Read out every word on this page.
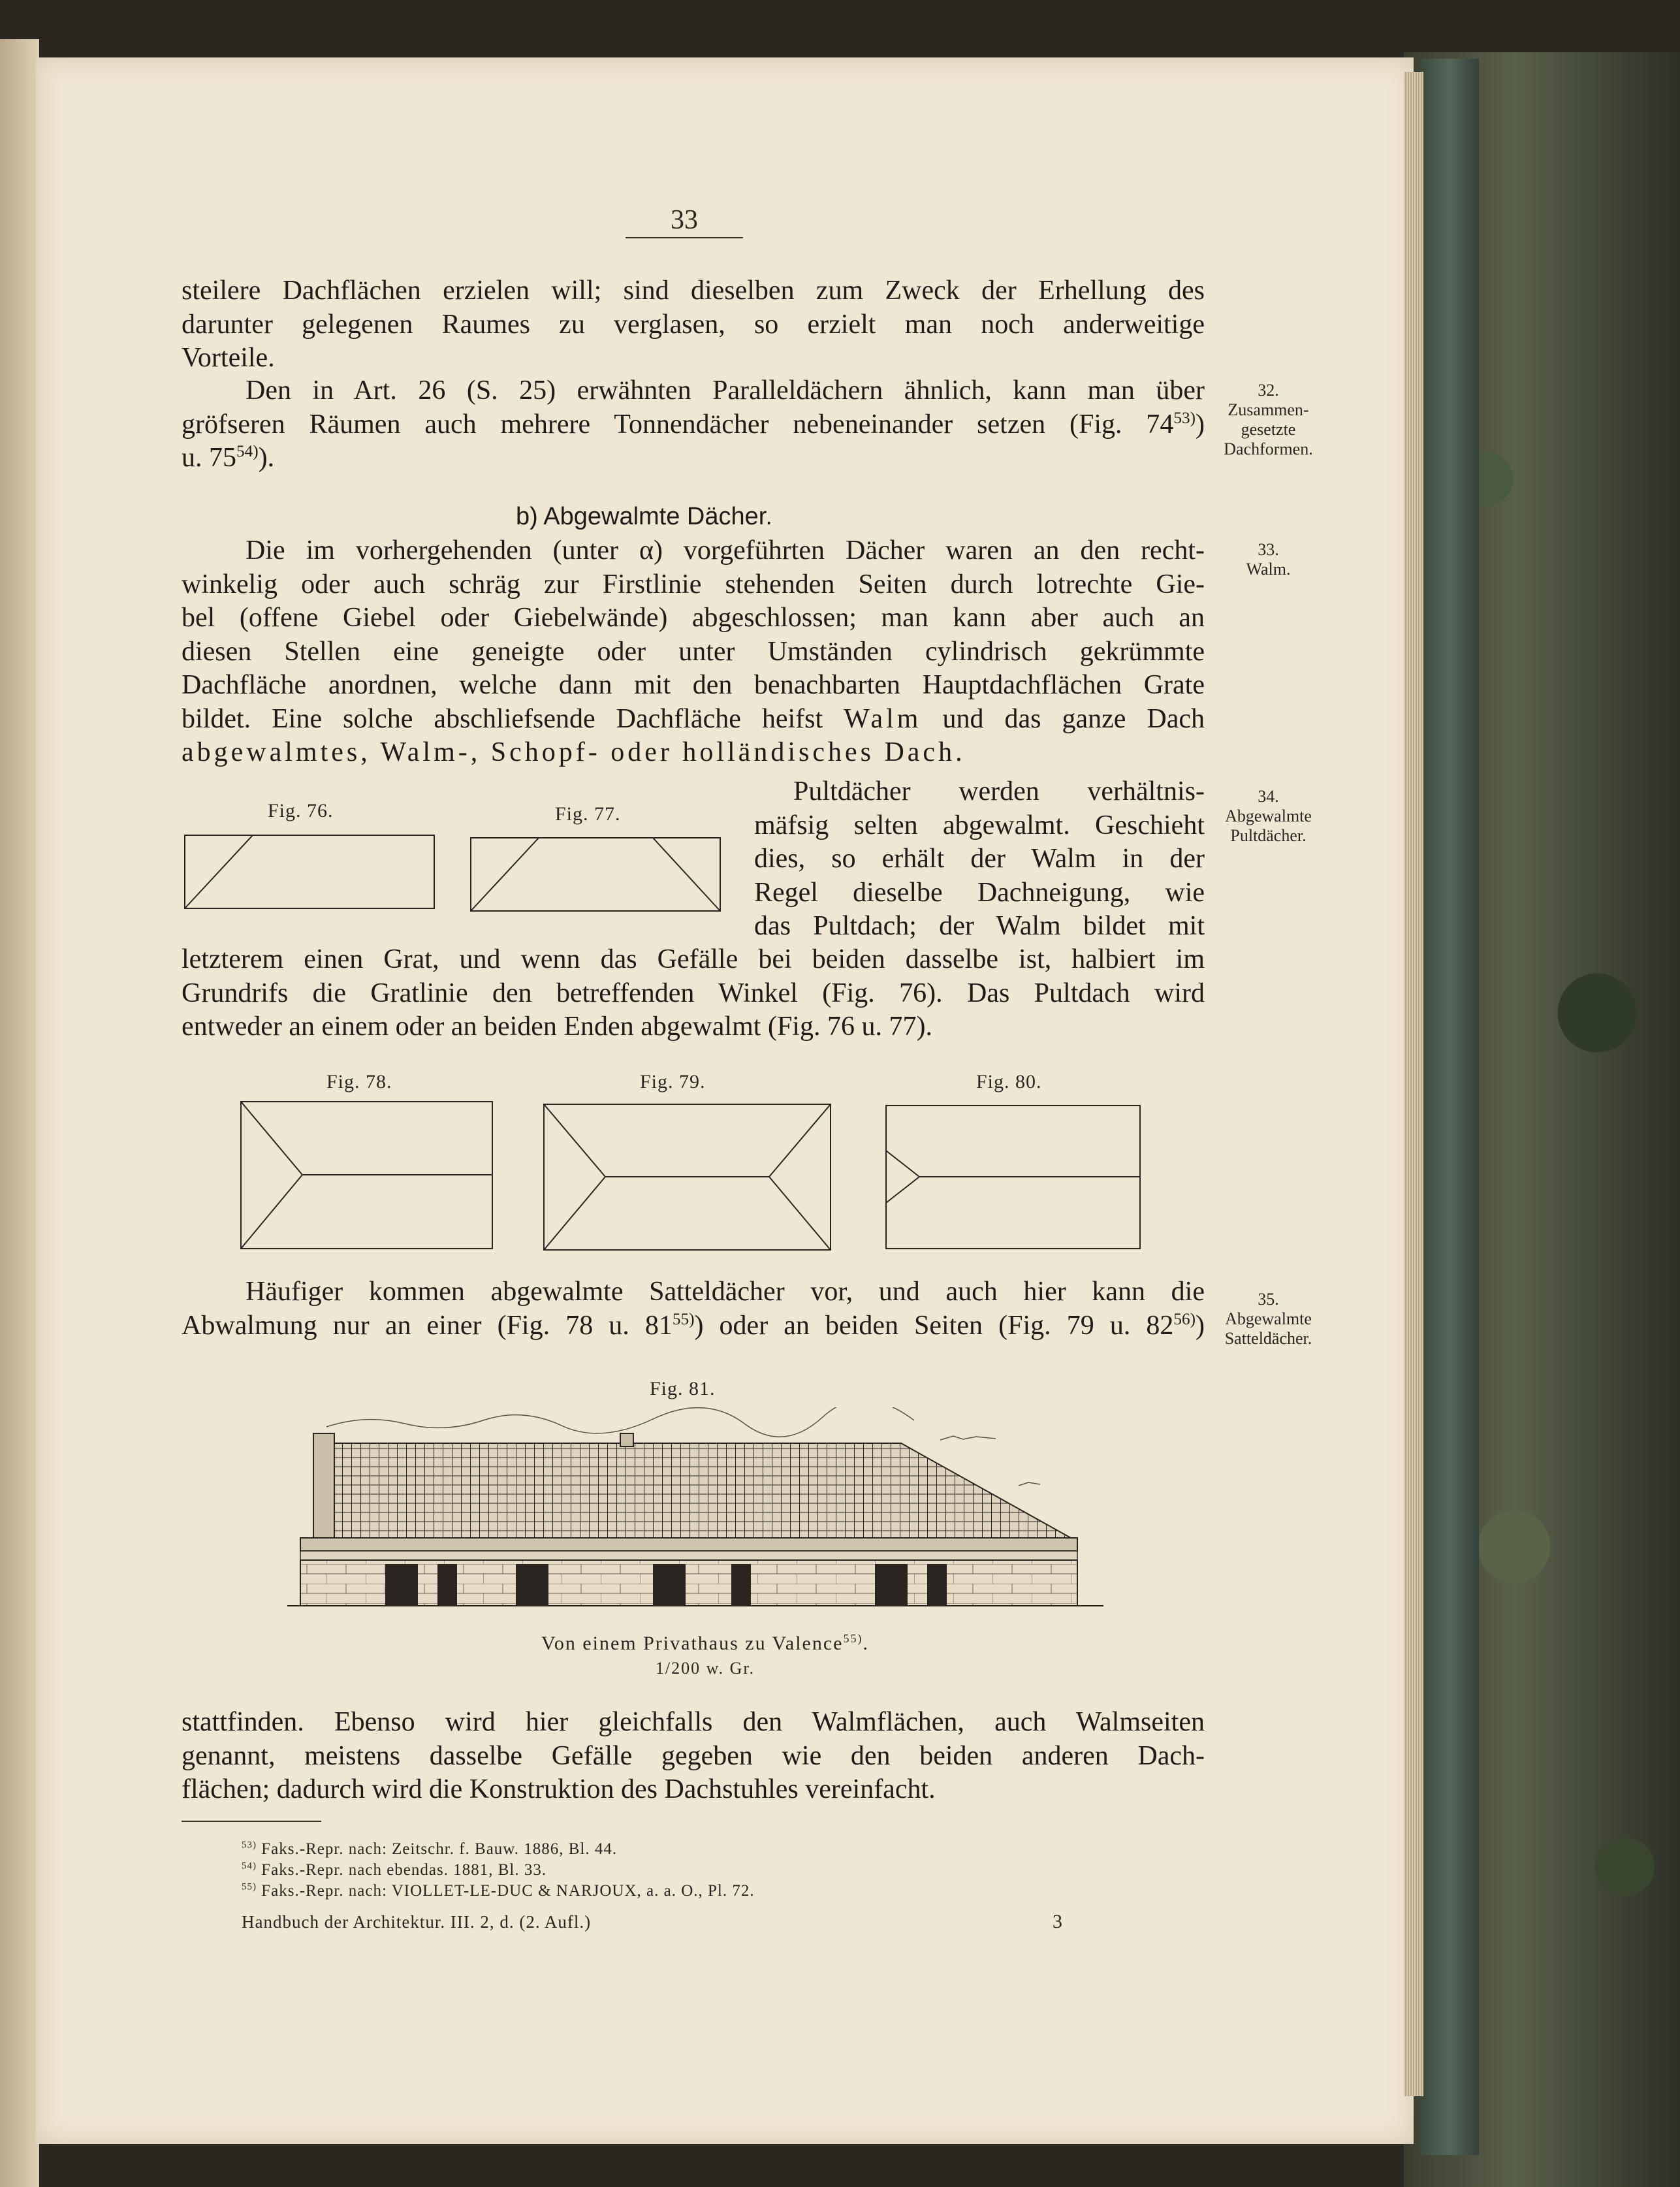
33
steilere Dachflächen erzielen will; sind dieselben zum Zweck der Erhellung des
darunter gelegenen Raumes zu verglasen, so erzielt man noch anderweitige
Vorteile.
Den in Art. 26 (S. 25) erwähnten Paralleldächern ähnlich, kann man über
gröfseren Räumen auch mehrere Tonnendächer nebeneinander setzen (Fig. 74$^{53)}$)
u. 75$^{54)}$).
32.
Zusammen-
gesetzte
Dachformen.
33.
Walm.
34.
Abgewalmte
Pultdächer.
35.
Abgewalmte
Satteldächer.
b) Abgewalmte Dächer.
Die im vorhergehenden (unter α) vorgeführten Dächer waren an den recht-
winkelig oder auch schräg zur Firstlinie stehenden Seiten durch lotrechte Gie-
bel (offene Giebel oder Giebelwände) abgeschlossen; man kann aber auch an
diesen Stellen eine geneigte oder unter Umständen cylindrisch gekrümmte
Dachfläche anordnen, welche dann mit den benachbarten Hauptdachflächen Grate
bildet. Eine solche abschliefsende Dachfläche heifst Walm und das ganze Dach
abgewalmtes, Walm-, Schopf- oder holländisches Dach.
Fig. 76.	Fig. 77.
Pultdächer werden verhältnis-
mäfsig selten abgewalmt. Geschieht
dies, so erhält der Walm in der
Regel dieselbe Dachneigung, wie
das Pultdach; der Walm bildet mit
letzterem einen Grat, und wenn das Gefälle bei beiden dasselbe ist, halbiert im
Grundrifs die Gratlinie den betreffenden Winkel (Fig. 76). Das Pultdach wird
entweder an einem oder an beiden Enden abgewalmt (Fig. 76 u. 77).
Fig. 78.	Fig. 79.	Fig. 80.
Häufiger kommen abgewalmte Satteldächer vor, und auch hier kann die
Abwalmung nur an einer (Fig. 78 u. 81$^{55)}$) oder an beiden Seiten (Fig. 79 u. 82$^{56)}$)
Fig. 81.
Von einem Privathaus zu Valence$^{55)}$.
1/200 w. Gr.
stattfinden. Ebenso wird hier gleichfalls den Walmflächen, auch Walmseiten
genannt, meistens dasselbe Gefälle gegeben wie den beiden anderen Dach-
flächen; dadurch wird die Konstruktion des Dachstuhles vereinfacht.
$^{53)}$ Faks.-Repr. nach: Zeitschr. f. Bauw. 1886, Bl. 44.
$^{54)}$ Faks.-Repr. nach ebendas. 1881, Bl. 33.
$^{55)}$ Faks.-Repr. nach: VIOLLET-LE-DUC & NARJOUX, a. a. O., Pl. 72.
Handbuch der Architektur. III. 2, d. (2. Aufl.)	3
